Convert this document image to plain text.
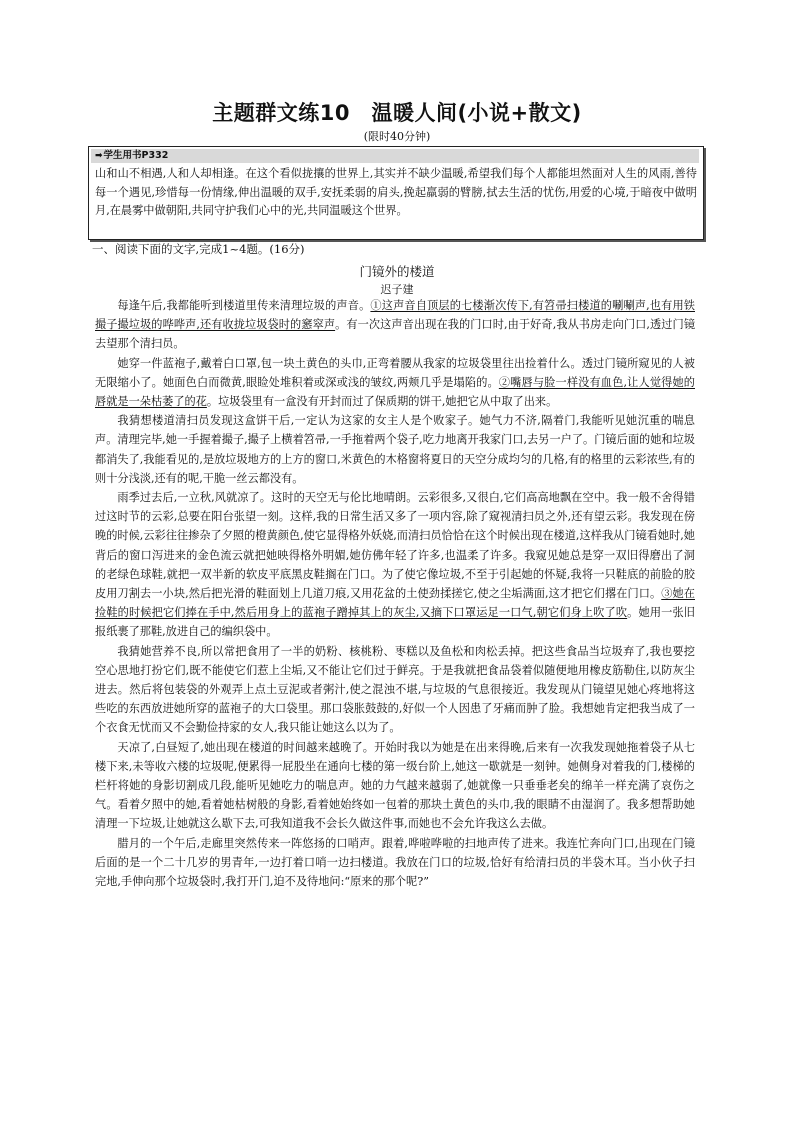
主题群文练10　温暖人间(小说+散文)
(限时40分钟)
➡学生用书P332
山和山不相遇,人和人却相逢。在这个看似拢攘的世界上,其实并不缺少温暖,希望我们每个人都能坦然面对人生的风雨,善待每一个遇见,珍惜每一份情缘,伸出温暖的双手,安抚柔弱的肩头,挽起羸弱的臂膀,拭去生活的忧伤,用爱的心境,于暗夜中做明月,在晨雾中做朝阳,共同守护我们心中的光,共同温暖这个世界。
一、阅读下面的文字,完成1~4题。(16分)
门镜外的楼道
迟子建

每逢午后,我都能听到楼道里传来清理垃圾的声音。①这声音自顶层的七楼渐次传下,有笤帚扫楼道的唰唰声,也有用铁撮子撮垃圾的哗哗声,还有收拢垃圾袋时的窸窣声。有一次这声音出现在我的门口时,由于好奇,我从书房走向门口,透过门镜去望那个清扫员。

她穿一件蓝袍子,戴着白口罩,包一块土黄色的头巾,正弯着腰从我家的垃圾袋里往出捡着什么。透过门镜所窥见的人被无限缩小了。她面色白而微黄,眼睑处堆积着或深或浅的皱纹,两颊几乎是塌陷的。②嘴唇与脸一样没有血色,让人觉得她的唇就是一朵枯萎了的花。垃圾袋里有一盒没有开封而过了保质期的饼干,她把它从中取了出来。

我猜想楼道清扫员发现这盒饼干后,一定认为这家的女主人是个败家子。她气力不济,隔着门,我能听见她沉重的喘息声。清理完毕,她一手握着撮子,撮子上横着笤帚,一手拖着两个袋子,吃力地离开我家门口,去另一户了。门镜后面的她和垃圾都消失了,我能看见的,是放垃圾地方的上方的窗口,米黄色的木格窗将夏日的天空分成均匀的几格,有的格里的云彩浓些,有的则十分浅淡,还有的呢,干脆一丝云都没有。

雨季过去后,一立秋,风就凉了。这时的天空无与伦比地晴朗。云彩很多,又很白,它们高高地飘在空中。我一般不舍得错过这时节的云彩,总要在阳台张望一刻。这样,我的日常生活又多了一项内容,除了窥视清扫员之外,还有望云彩。我发现在傍晚的时候,云彩往往掺杂了夕照的橙黄颜色,使它显得格外妖娆,而清扫员恰恰在这个时候出现在楼道,这样我从门镜看她时,她背后的窗口泻进来的金色流云就把她映得格外明媚,她仿佛年轻了许多,也温柔了许多。我窥见她总是穿一双旧得磨出了洞的老绿色球鞋,就把一双半新的软皮平底黑皮鞋搁在门口。为了使它像垃圾,不至于引起她的怀疑,我将一只鞋底的前脸的胶皮用刀割去一小块,然后把光滑的鞋面划上几道刀痕,又用花盆的土使劲揉搓它,使之尘垢满面,这才把它们撂在门口。③她在捡鞋的时候把它们捧在手中,然后用身上的蓝袍子蹭掉其上的灰尘,又摘下口罩运足一口气,朝它们身上吹了吹。她用一张旧报纸裹了那鞋,放进自己的编织袋中。

我猜她营养不良,所以常把食用了一半的奶粉、核桃粉、枣糕以及鱼松和肉松丢掉。把这些食品当垃圾弃了,我也要挖空心思地打扮它们,既不能使它们惹上尘垢,又不能让它们过于鲜亮。于是我就把食品袋着似随便地用橡皮筋勒住,以防灰尘进去。然后将包装袋的外观弄上点土豆泥或者粥汁,使之混浊不堪,与垃圾的气息很接近。我发现从门镜望见她心疼地将这些吃的东西放进她所穿的蓝袍子的大口袋里。那口袋胀鼓鼓的,好似一个人因患了牙痛而肿了脸。我想她肯定把我当成了一个衣食无忧而又不会勤俭持家的女人,我只能让她这么以为了。

天凉了,白昼短了,她出现在楼道的时间越来越晚了。开始时我以为她是在出来得晚,后来有一次我发现她拖着袋子从七楼下来,未等收六楼的垃圾呢,便累得一屁股坐在通向七楼的第一级台阶上,她这一歇就是一刻钟。她侧身对着我的门,楼梯的栏杆将她的身影切割成几段,能听见她吃力的喘息声。她的力气越来越弱了,她就像一只垂垂老矣的绵羊一样充满了哀伤之气。看着夕照中的她,看着她枯树般的身影,看着她始终如一包着的那块土黄色的头巾,我的眼睛不由湿润了。我多想帮助她清理一下垃圾,让她就这么歇下去,可我知道我不会长久做这件事,而她也不会允许我这么去做。

腊月的一个午后,走廊里突然传来一阵悠扬的口哨声。跟着,哗啦哗啦的扫地声传了进来。我连忙奔向门口,出现在门镜后面的是一个二十几岁的男青年,一边打着口哨一边扫楼道。我放在门口的垃圾,恰好有给清扫员的半袋木耳。当小伙子扫完地,手伸向那个垃圾袋时,我打开门,迫不及待地问:“原来的那个呢?”
